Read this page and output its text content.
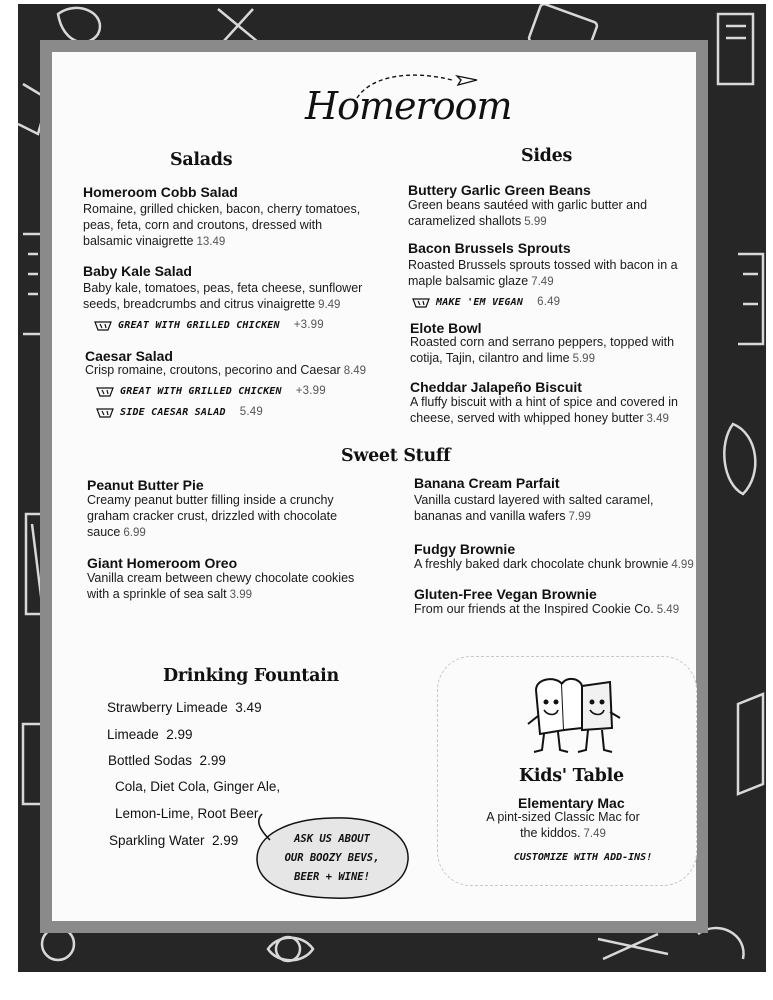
Homeroom
Salads
Homeroom Cobb Salad
Romaine, grilled chicken, bacon, cherry tomatoes,
peas, feta, corn and croutons, dressed with
balsamic vinaigrette 13.49
Baby Kale Salad
Baby kale, tomatoes, peas, feta cheese, sunflower
seeds, breadcrumbs and citrus vinaigrette 9.49
GREAT WITH GRILLED CHICKEN +3.99
Caesar Salad
Crisp romaine, croutons, pecorino and Caesar 8.49
GREAT WITH GRILLED CHICKEN +3.99
SIDE CAESAR SALAD 5.49
Sides
Buttery Garlic Green Beans
Green beans sautéed with garlic butter and
caramelized shallots 5.99
Bacon Brussels Sprouts
Roasted Brussels sprouts tossed with bacon in a
maple balsamic glaze 7.49
MAKE 'EM VEGAN 6.49
Elote Bowl
Roasted corn and serrano peppers, topped with
cotija, Tajin, cilantro and lime 5.99
Cheddar Jalapeño Biscuit
A fluffy biscuit with a hint of spice and covered in
cheese, served with whipped honey butter 3.49
Sweet Stuff
Peanut Butter Pie
Creamy peanut butter filling inside a crunchy
graham cracker crust, drizzled with chocolate
sauce 6.99
Giant Homeroom Oreo
Vanilla cream between chewy chocolate cookies
with a sprinkle of sea salt 3.99
Banana Cream Parfait
Vanilla custard layered with salted caramel,
bananas and vanilla wafers 7.99
Fudgy Brownie
A freshly baked dark chocolate chunk brownie 4.99
Gluten-Free Vegan Brownie
From our friends at the Inspired Cookie Co. 5.49
Drinking Fountain
Strawberry Limeade  3.49
Limeade  2.99
Bottled Sodas  2.99
Cola, Diet Cola, Ginger Ale,
Lemon-Lime, Root Beer
Sparkling Water  2.99	ASK US ABOUT
OUR BOOZY BEVS,
BEER + WINE!
Kids' Table
Elementary Mac
A pint-sized Classic Mac for
the kiddos. 7.49
CUSTOMIZE WITH ADD-INS!
